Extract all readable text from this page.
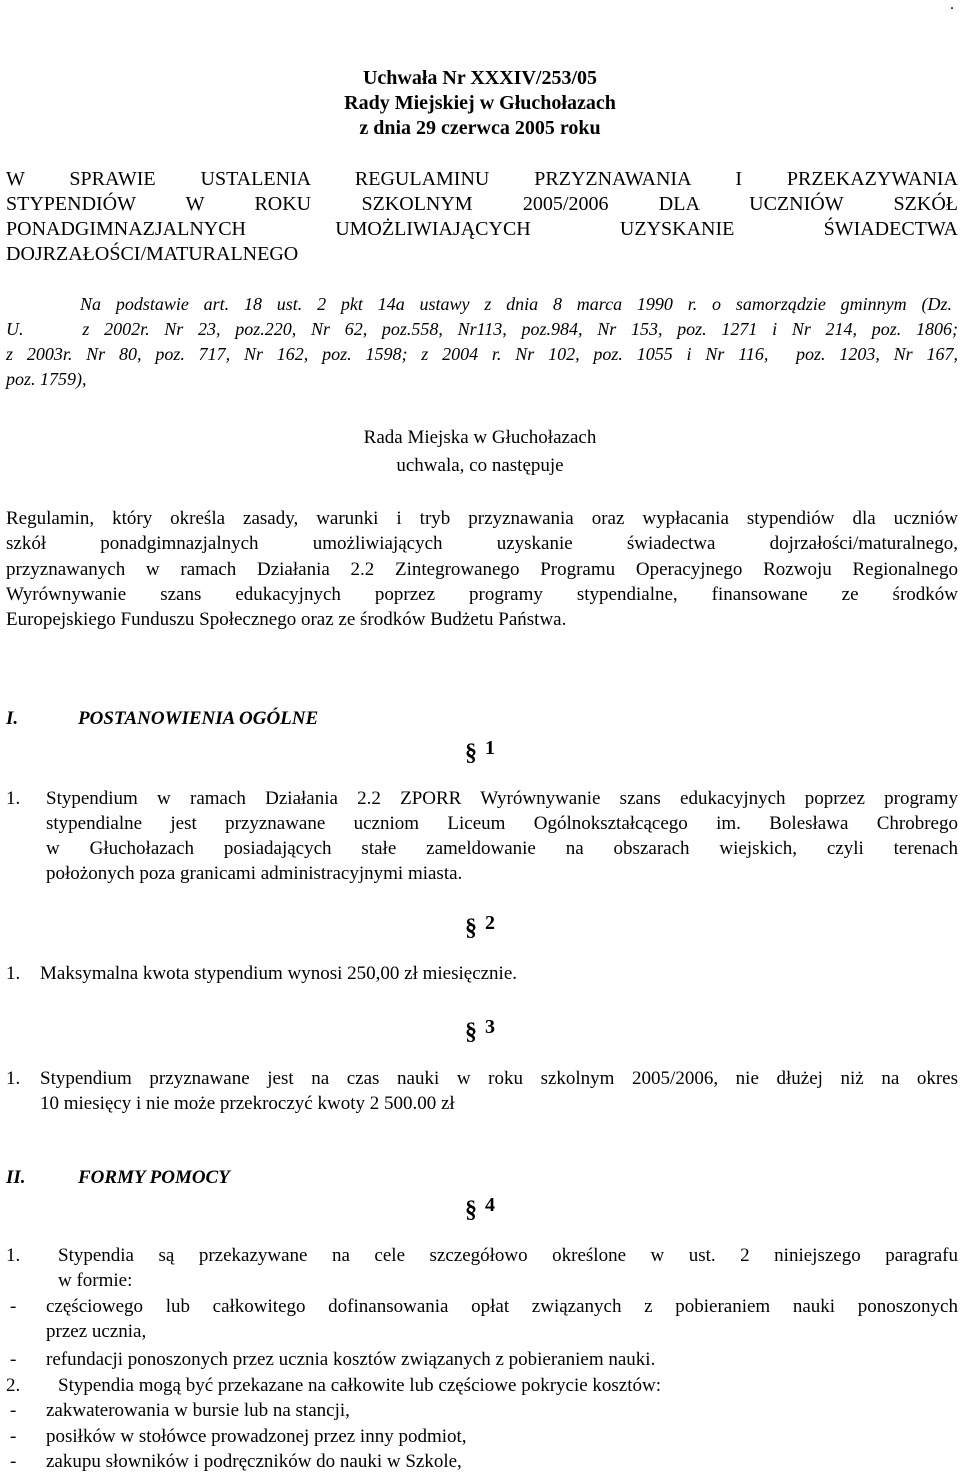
.
Uchwała Nr XXXIV/253/05
Rady Miejskiej w Głuchołazach
z dnia 29 czerwca 2005 roku
W SPRAWIE USTALENIA REGULAMINU PRZYZNAWANIA I PRZEKAZYWANIA
STYPENDIÓW W ROKU SZKOLNYM 2005/2006 DLA UCZNIÓW SZKÓŁ
PONADGIMNAZJALNYCH UMOŻLIWIAJĄCYCH UZYSKANIE ŚWIADECTWA
DOJRZAŁOŚCI/MATURALNEGO
Na podstawie art. 18 ust. 2 pkt 14a ustawy z dnia 8 marca 1990 r. o samorządzie gminnym (Dz.
U.    z 2002r. Nr 23, poz.220, Nr 62, poz.558, Nr113, poz.984, Nr 153, poz. 1271 i Nr 214, poz. 1806;
z 2003r. Nr 80, poz. 717, Nr 162, poz. 1598; z 2004 r. Nr 102, poz. 1055 i Nr 116,  poz. 1203, Nr 167,
poz. 1759),
Rada Miejska w Głuchołazach
uchwala, co następuje
Regulamin, który określa zasady, warunki i tryb przyznawania oraz wypłacania stypendiów dla uczniów
szkół ponadgimnazjalnych umożliwiających uzyskanie świadectwa dojrzałości/maturalnego,
przyznawanych w ramach Działania 2.2 Zintegrowanego Programu Operacyjnego Rozwoju Regionalnego
Wyrównywanie szans edukacyjnych poprzez programy stypendialne, finansowane ze środków
Europejskiego Funduszu Społecznego oraz ze środków Budżetu Państwa.
I.	POSTANOWIENIA OGÓLNE
§ 1
1. Stypendium w ramach Działania 2.2 ZPORR Wyrównywanie szans edukacyjnych poprzez programy
stypendialne jest przyznawane uczniom Liceum Ogólnokształcącego im. Bolesława Chrobrego
w Głuchołazach posiadających stałe zameldowanie na obszarach wiejskich, czyli terenach
położonych poza granicami administracyjnymi miasta.
§ 2
1. Maksymalna kwota stypendium wynosi 250,00 zł miesięcznie.
§ 3
1. Stypendium przyznawane jest na czas nauki w roku szkolnym 2005/2006, nie dłużej niż na okres
10 miesięcy i nie może przekroczyć kwoty 2 500.00 zł
II.	FORMY POMOCY
§ 4
1. Stypendia są przekazywane na cele szczegółowo określone w ust. 2 niniejszego paragrafu
w formie:
- częściowego lub całkowitego dofinansowania opłat związanych z pobieraniem nauki ponoszonych
przez ucznia,
- refundacji ponoszonych przez ucznia kosztów związanych z pobieraniem nauki.
2. Stypendia mogą być przekazane na całkowite lub częściowe pokrycie kosztów:
- zakwaterowania w bursie lub na stancji,
- posiłków w stołówce prowadzonej przez inny podmiot,
- zakupu słowników i podręczników do nauki w Szkole,
